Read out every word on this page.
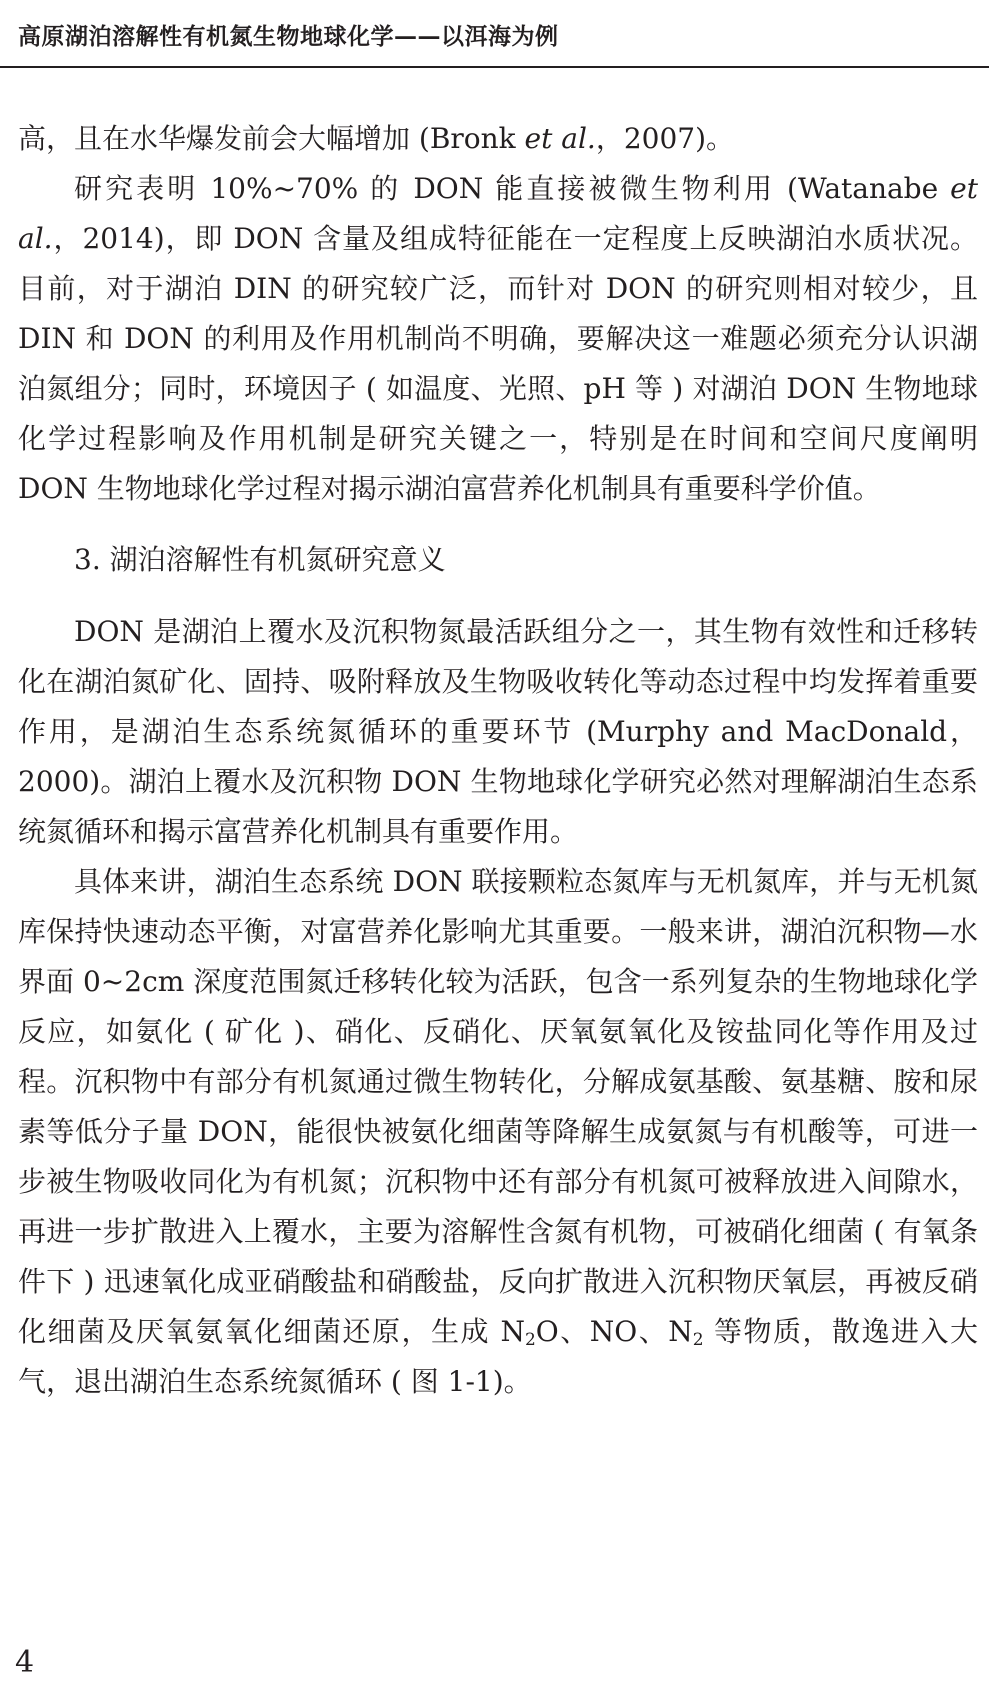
高原湖泊溶解性有机氮生物地球化学——以洱海为例

高，且在水华爆发前会大幅增加 (Bronk et al.，2007)。

研究表明 10%~70% 的 DON 能直接被微生物利用 (Watanabe et al.，2014)，即 DON 含量及组成特征能在一定程度上反映湖泊水质状况。目前，对于湖泊 DIN 的研究较广泛，而针对 DON 的研究则相对较少，且 DIN 和 DON 的利用及作用机制尚不明确，要解决这一难题必须充分认识湖泊氮组分；同时，环境因子 ( 如温度、光照、pH 等 ) 对湖泊 DON 生物地球化学过程影响及作用机制是研究关键之一，特别是在时间和空间尺度阐明 DON 生物地球化学过程对揭示湖泊富营养化机制具有重要科学价值。

3. 湖泊溶解性有机氮研究意义

DON 是湖泊上覆水及沉积物氮最活跃组分之一，其生物有效性和迁移转化在湖泊氮矿化、固持、吸附释放及生物吸收转化等动态过程中均发挥着重要作用，是湖泊生态系统氮循环的重要环节 (Murphy and MacDonald，2000)。湖泊上覆水及沉积物 DON 生物地球化学研究必然对理解湖泊生态系统氮循环和揭示富营养化机制具有重要作用。

具体来讲，湖泊生态系统 DON 联接颗粒态氮库与无机氮库，并与无机氮库保持快速动态平衡，对富营养化影响尤其重要。一般来讲，湖泊沉积物—水界面 0~2cm 深度范围氮迁移转化较为活跃，包含一系列复杂的生物地球化学反应，如氨化 ( 矿化 )、硝化、反硝化、厌氧氨氧化及铵盐同化等作用及过程。沉积物中有部分有机氮通过微生物转化，分解成氨基酸、氨基糖、胺和尿素等低分子量 DON，能很快被氨化细菌等降解生成氨氮与有机酸等，可进一步被生物吸收同化为有机氮；沉积物中还有部分有机氮可被释放进入间隙水，再进一步扩散进入上覆水，主要为溶解性含氮有机物，可被硝化细菌 ( 有氧条件下 ) 迅速氧化成亚硝酸盐和硝酸盐，反向扩散进入沉积物厌氧层，再被反硝化细菌及厌氧氨氧化细菌还原，生成 $N_2O$、NO、$N_2$ 等物质，散逸进入大气，退出湖泊生态系统氮循环 ( 图 1-1)。

4
